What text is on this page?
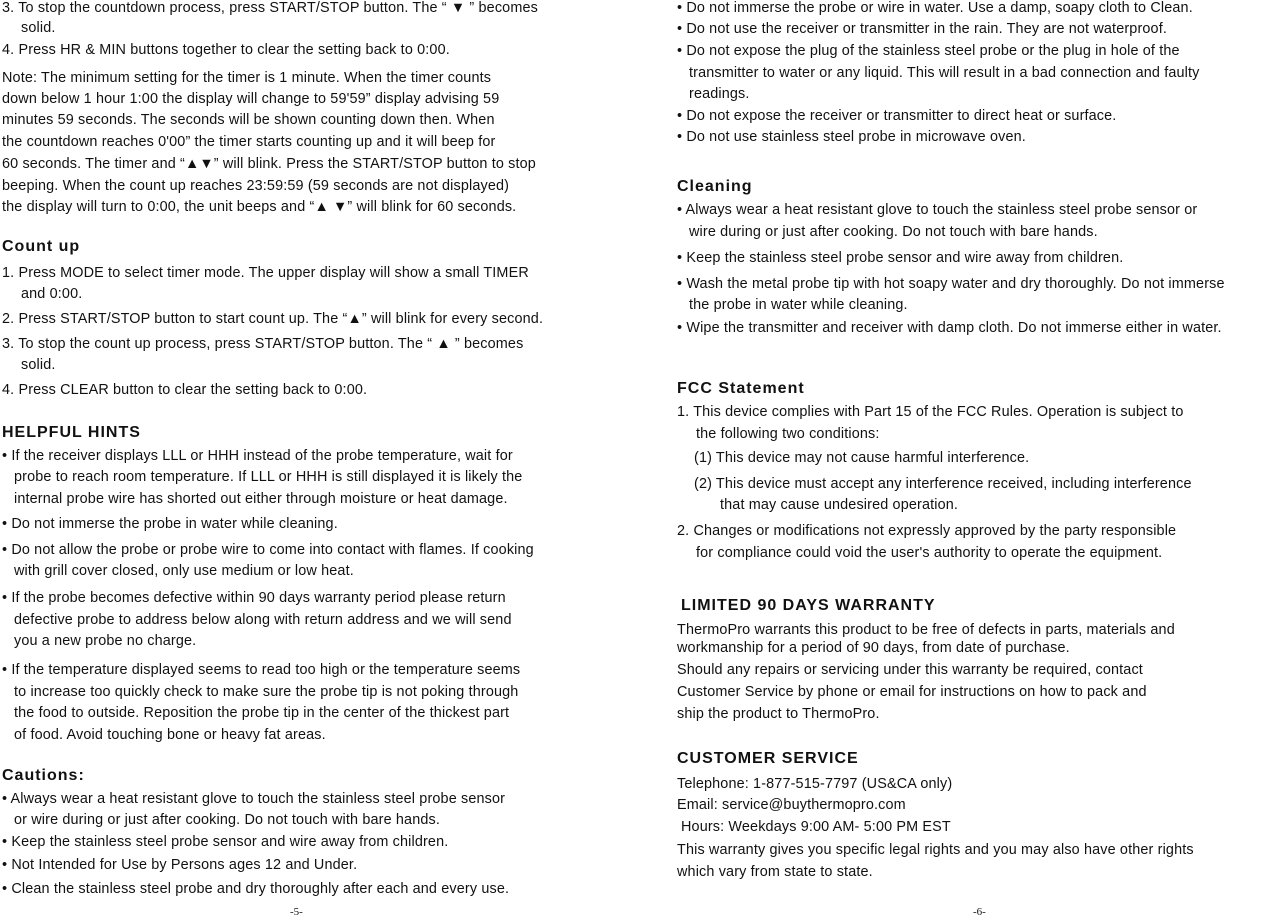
3. To stop the countdown process, press START/STOP button. The “ ▼ ” becomes
solid.
4. Press HR & MIN buttons together to clear the setting back to 0:00.
Note: The minimum setting for the timer is 1 minute. When the timer counts
down below 1 hour 1:00 the display will change to 59'59” display advising 59
minutes 59 seconds. The seconds will be shown counting down then. When
the countdown reaches 0'00” the timer starts counting up and it will beep for
60 seconds. The timer and “▲▼” will blink. Press the START/STOP button to stop
beeping. When the count up reaches 23:59:59 (59 seconds are not displayed)
the display will turn to 0:00, the unit beeps and “▲ ▼” will blink for 60 seconds.
Count up
1. Press MODE to select timer mode. The upper display will show a small TIMER
and 0:00.
2. Press START/STOP button to start count up. The “▲” will blink for every second.
3. To stop the count up process, press START/STOP button. The “ ▲ ” becomes
solid.
4. Press CLEAR button to clear the setting back to 0:00.
HELPFUL HINTS
• If the receiver displays LLL or HHH instead of the probe temperature, wait for
probe to reach room temperature. If LLL or HHH is still displayed it is likely the
internal probe wire has shorted out either through moisture or heat damage.
• Do not immerse the probe in water while cleaning.
• Do not allow the probe or probe wire to come into contact with flames. If cooking
with grill cover closed, only use medium or low heat.
• If the probe becomes defective within 90 days warranty period please return
defective probe to address below along with return address and we will send
you a new probe no charge.
• If the temperature displayed seems to read too high or the temperature seems
to increase too quickly check to make sure the probe tip is not poking through
the food to outside. Reposition the probe tip in the center of the thickest part
of food. Avoid touching bone or heavy fat areas.
Cautions:
• Always wear a heat resistant glove to touch the stainless steel probe sensor
or wire during or just after cooking. Do not touch with bare hands.
• Keep the stainless steel probe sensor and wire away from children.
• Not Intended for Use by Persons ages 12 and Under.
• Clean the stainless steel probe and dry thoroughly after each and every use.
-5-
• Do not immerse the probe or wire in water. Use a damp, soapy cloth to Clean.
• Do not use the receiver or transmitter in the rain. They are not waterproof.
• Do not expose the plug of the stainless steel probe or the plug in hole of the
transmitter to water or any liquid. This will result in a bad connection and faulty
readings.
• Do not expose the receiver or transmitter to direct heat or surface.
• Do not use stainless steel probe in microwave oven.
Cleaning
• Always wear a heat resistant glove to touch the stainless steel probe sensor or
wire during or just after cooking. Do not touch with bare hands.
• Keep the stainless steel probe sensor and wire away from children.
• Wash the metal probe tip with hot soapy water and dry thoroughly. Do not immerse
the probe in water while cleaning.
• Wipe the transmitter and receiver with damp cloth. Do not immerse either in water.
FCC Statement
1. This device complies with Part 15 of the FCC Rules. Operation is subject to
the following two conditions:
(1) This device may not cause harmful interference.
(2) This device must accept any interference received, including interference
that may cause undesired operation.
2. Changes or modifications not expressly approved by the party responsible
for compliance could void the user's authority to operate the equipment.
LIMITED 90 DAYS WARRANTY
ThermoPro warrants this product to be free of defects in parts, materials and
workmanship for a period of 90 days, from date of purchase.
Should any repairs or servicing under this warranty be required, contact
Customer Service by phone or email for instructions on how to pack and
ship the product to ThermoPro.
CUSTOMER SERVICE
Telephone: 1-877-515-7797 (US&CA only)
Email: service@buythermopro.com
Hours: Weekdays 9:00 AM- 5:00 PM EST
This warranty gives you specific legal rights and you may also have other rights
which vary from state to state.
-6-
